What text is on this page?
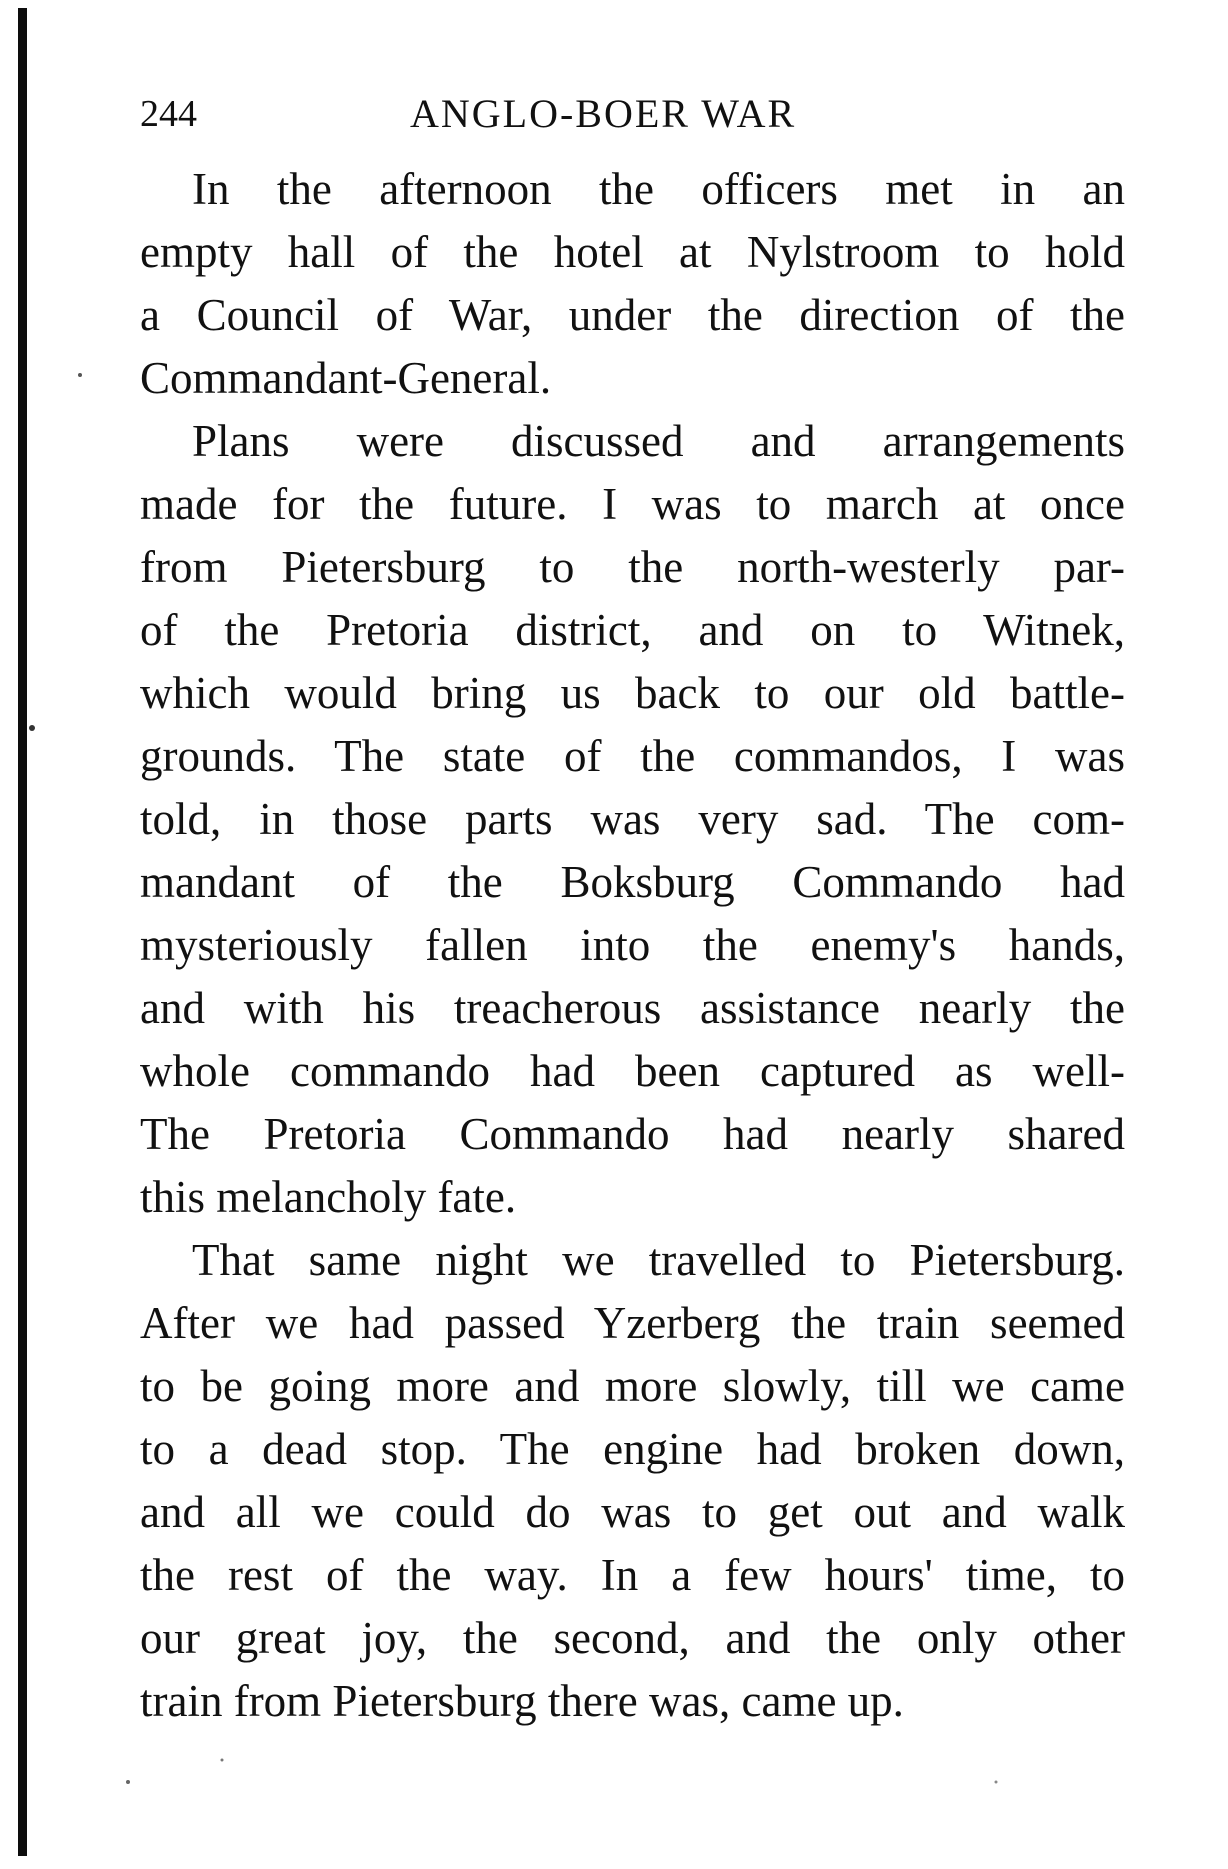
244	ANGLO-BOER WAR
In the afternoon the officers met in an
empty hall of the hotel at Nylstroom to hold
a Council of War, under the direction of the
Commandant-General.
Plans were discussed and arrangements
made for the future. I was to march at once
from Pietersburg to the north-westerly par-
of the Pretoria district, and on to Witnek,
which would bring us back to our old battle-
grounds. The state of the commandos, I was
told, in those parts was very sad. The com-
mandant of the Boksburg Commando had
mysteriously fallen into the enemy's hands,
and with his treacherous assistance nearly the
whole commando had been captured as well-
The Pretoria Commando had nearly shared
this melancholy fate.
That same night we travelled to Pietersburg.
After we had passed Yzerberg the train seemed
to be going more and more slowly, till we came
to a dead stop. The engine had broken down,
and all we could do was to get out and walk
the rest of the way. In a few hours' time, to
our great joy, the second, and the only other
train from Pietersburg there was, came up.
